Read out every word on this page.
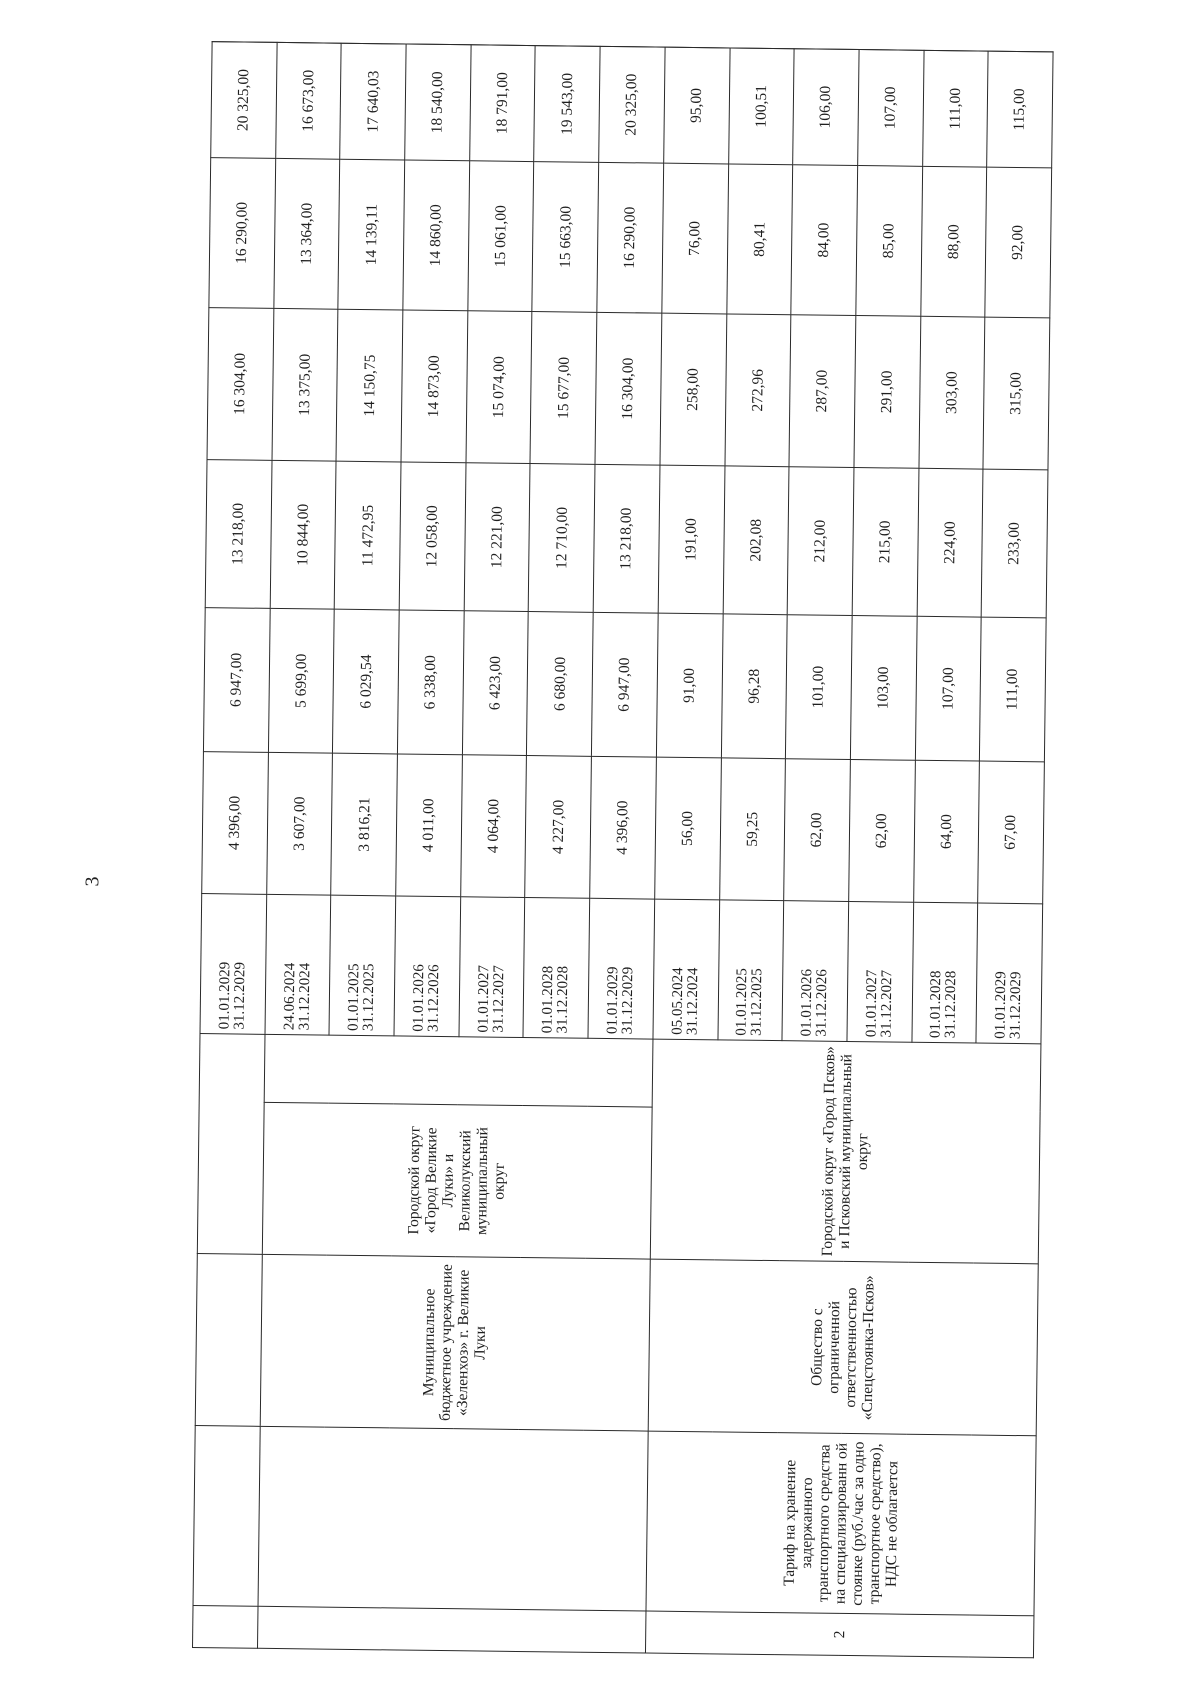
3

					01.01.2029
31.12.2029	4 396,00	6 947,00	13 218,00	16 304,00	16 290,00	20 325,00	
		Муниципальное бюджетное учреждение «Зеленхоз» г. Великие Луки	Городской округ «Город Великие Луки» и Великолукский муниципальный округ		24.06.2024
31.12.2024	3 607,00	5 699,00	10 844,00	13 375,00	13 364,00	16 673,00	

					01.01.2025
31.12.2025	3 816,21	6 029,54	11 472,95	14 150,75	14 139,11	17 640,03	

					01.01.2026
31.12.2026	4 011,00	6 338,00	12 058,00	14 873,00	14 860,00	18 540,00	

					01.01.2027
31.12.2027	4 064,00	6 423,00	12 221,00	15 074,00	15 061,00	18 791,00	

					01.01.2028
31.12.2028	4 227,00	6 680,00	12 710,00	15 677,00	15 663,00	19 543,00	

					01.01.2029
31.12.2029	4 396,00	6 947,00	13 218,00	16 304,00	16 290,00	20 325,00	
2	Тариф на хранение задержанного транспортного средства на специализированн ой стоянке (руб./час за одно транспортное средство), НДС не облагается	Общество с ограниченной ответственностью «Спецстоянка-Псков»	Городской округ «Город Псков» и Псковский муниципальный округ		05.05.2024
31.12.2024	56,00	91,00	191,00	258,00	76,00	95,00	

					01.01.2025
31.12.2025	59,25	96,28	202,08	272,96	80,41	100,51	

					01.01.2026
31.12.2026	62,00	101,00	212,00	287,00	84,00	106,00	

					01.01.2027
31.12.2027	62,00	103,00	215,00	291,00	85,00	107,00	

					01.01.2028
31.12.2028	64,00	107,00	224,00	303,00	88,00	111,00	

					01.01.2029
31.12.2029	67,00	111,00	233,00	315,00	92,00	115,00	
